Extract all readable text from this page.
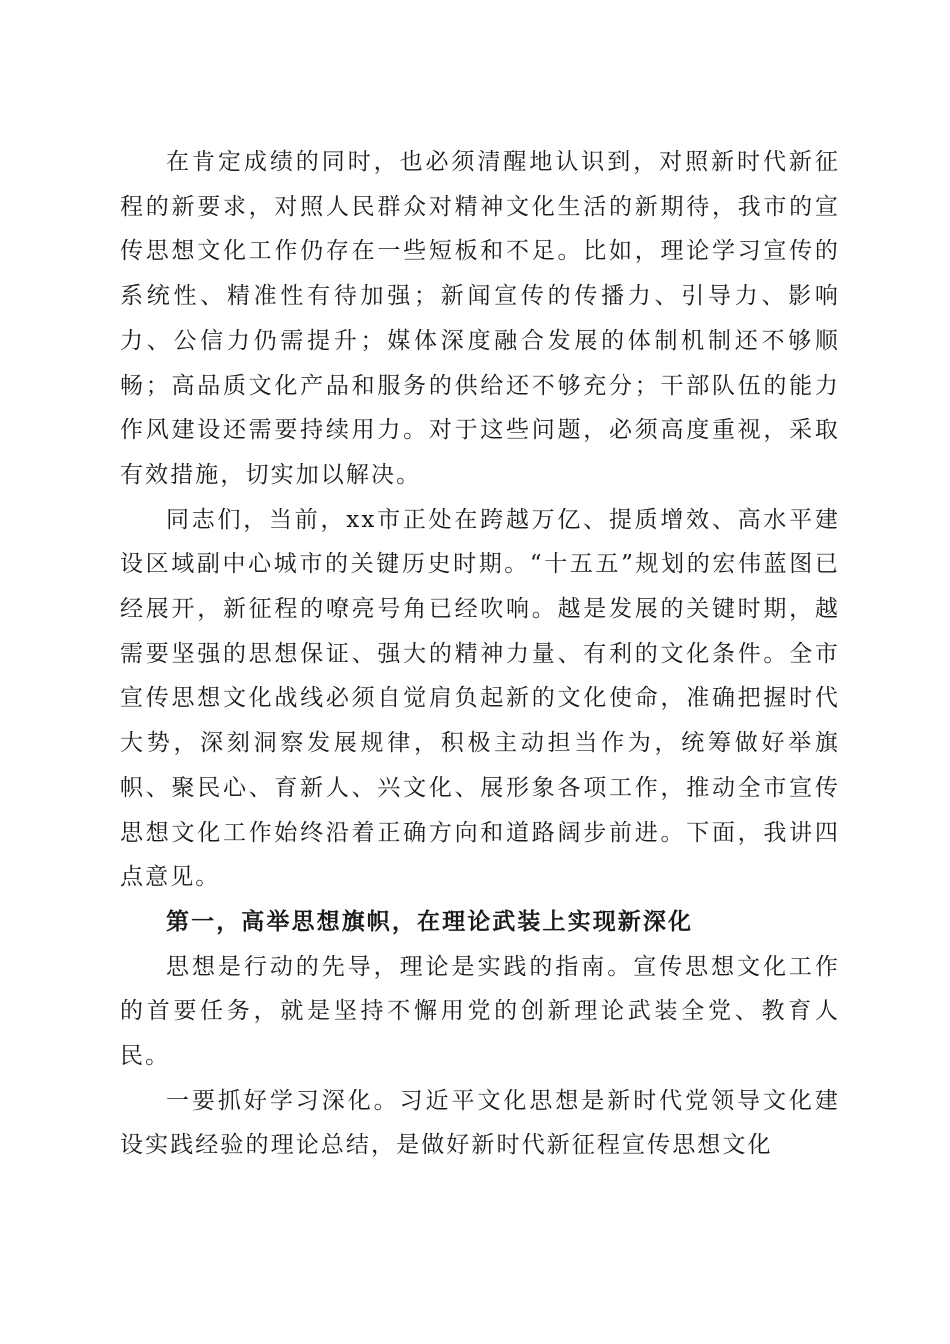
在肯定成绩的同时，也必须清醒地认识到，对照新时代新征程的新要求，对照人民群众对精神文化生活的新期待，我市的宣传思想文化工作仍存在一些短板和不足。比如，理论学习宣传的系统性、精准性有待加强；新闻宣传的传播力、引导力、影响力、公信力仍需提升；媒体深度融合发展的体制机制还不够顺畅；高品质文化产品和服务的供给还不够充分；干部队伍的能力作风建设还需要持续用力。对于这些问题，必须高度重视，采取有效措施，切实加以解决。

同志们，当前，xx市正处在跨越万亿、提质增效、高水平建设区域副中心城市的关键历史时期。“十五五”规划的宏伟蓝图已经展开，新征程的嘹亮号角已经吹响。越是发展的关键时期，越需要坚强的思想保证、强大的精神力量、有利的文化条件。全市宣传思想文化战线必须自觉肩负起新的文化使命，准确把握时代大势，深刻洞察发展规律，积极主动担当作为，统筹做好举旗帜、聚民心、育新人、兴文化、展形象各项工作，推动全市宣传思想文化工作始终沿着正确方向和道路阔步前进。下面，我讲四点意见。

第一，高举思想旗帜，在理论武装上实现新深化

思想是行动的先导，理论是实践的指南。宣传思想文化工作的首要任务，就是坚持不懈用党的创新理论武装全党、教育人民。

一要抓好学习深化。习近平文化思想是新时代党领导文化建设实践经验的理论总结，是做好新时代新征程宣传思想文化
